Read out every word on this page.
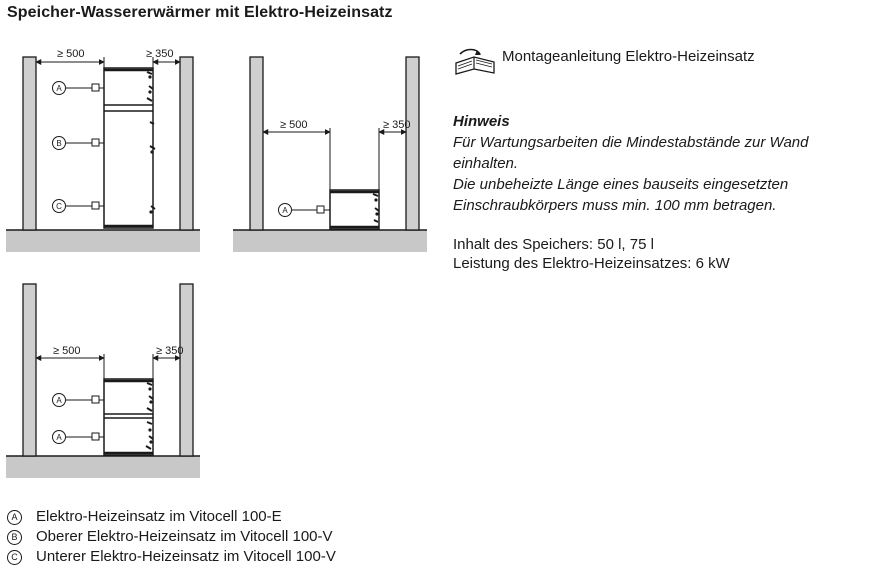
Speicher-Wassererwärmer mit Elektro-Heizeinsatz
≥ 500	≥ 350
A
B
C
≥ 500	≥ 350
A
≥ 500	≥ 350
A
A
Montageanleitung Elektro-Heizeinsatz
Hinweis
Für Wartungsarbeiten die Mindestabstände zur Wand
einhalten.
Die unbeheizte Länge eines bauseits eingesetzten
Einschraubkörpers muss min. 100 mm betragen.
Inhalt des Speichers: 50 l, 75 l
Leistung des Elektro-Heizeinsatzes: 6 kW
A	Elektro-Heizeinsatz im Vitocell 100-E
B	Oberer Elektro-Heizeinsatz im Vitocell 100-V
C Unterer Elektro-Heizeinsatz im Vitocell 100-V
